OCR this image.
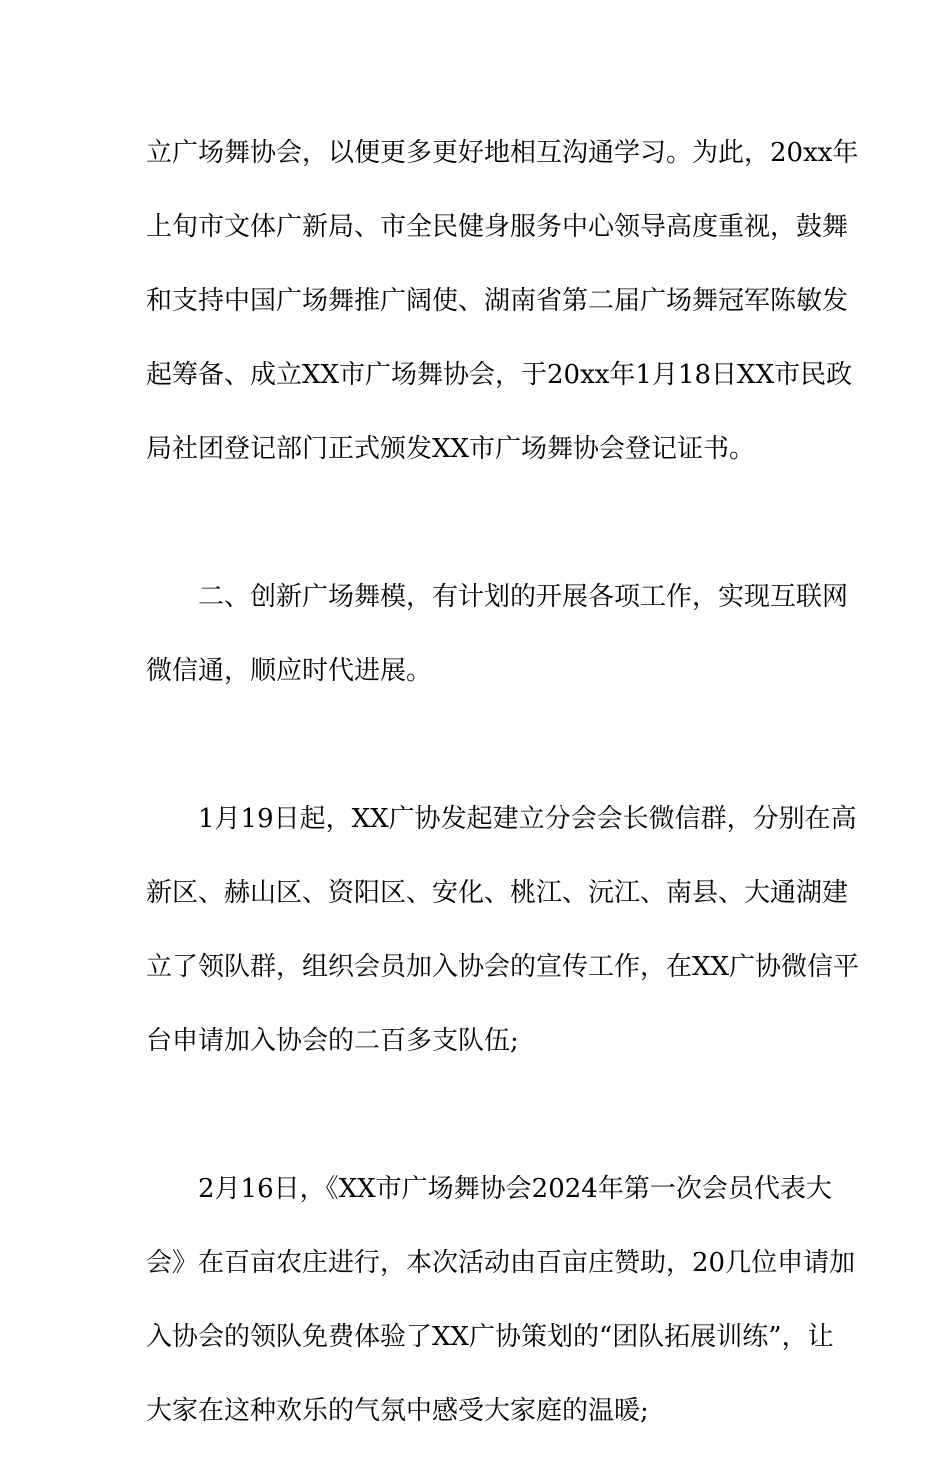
立广场舞协会，以便更多更好地相互沟通学习。为此，20xx年
上旬市文体广新局、市全民健身服务中心领导高度重视，鼓舞
和支持中国广场舞推广阔使、湖南省第二届广场舞冠军陈敏发
起筹备、成立XX市广场舞协会，于20xx年1月18日XX市民政
局社团登记部门正式颁发XX市广场舞协会登记证书。
二、创新广场舞模，有计划的开展各项工作，实现互联网
微信通，顺应时代进展。
1月19日起，XX广协发起建立分会会长微信群，分别在高
新区、赫山区、资阳区、安化、桃江、沅江、南县、大通湖建
立了领队群，组织会员加入协会的宣传工作，在XX广协微信平
台申请加入协会的二百多支队伍;
2月16日，《XX市广场舞协会2024年第一次会员代表大
会》在百亩农庄进行，本次活动由百亩庄赞助，20几位申请加
入协会的领队免费体验了XX广协策划的“团队拓展训练”，让
大家在这种欢乐的气氛中感受大家庭的温暖;
